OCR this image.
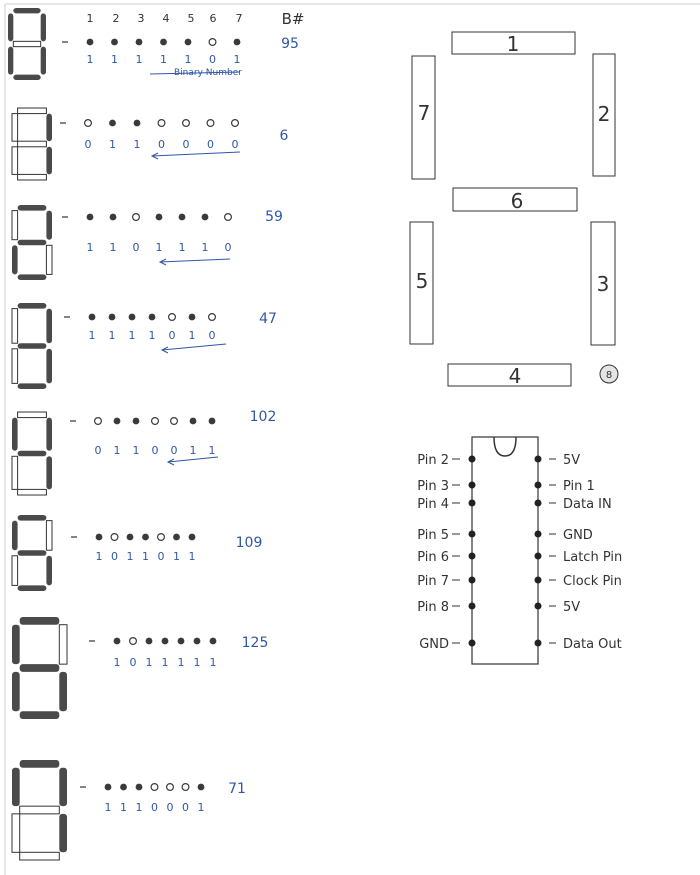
1 2 3 4 5 6 7	B#
Binary Number
1 1 1 1 1 0 1
95
0 1 1 0 0 0 0
6
1 1 0 1 1 1 0
59
1 1 1 1 0 1 0
47
0 1 1 0 0 1 1
102
1 0 1 1 0 1 1
109
1 0 1 1 1 1 1
125
1 1 1 0 0 0 1
71
1
2
3
4
5
6
7
8
Pin 2
Pin 3
Pin 4
Pin 5
Pin 6
Pin 7
Pin 8
GND
5V
Pin 1
Data IN
GND
Latch Pin
Clock Pin
5V
Data Out
